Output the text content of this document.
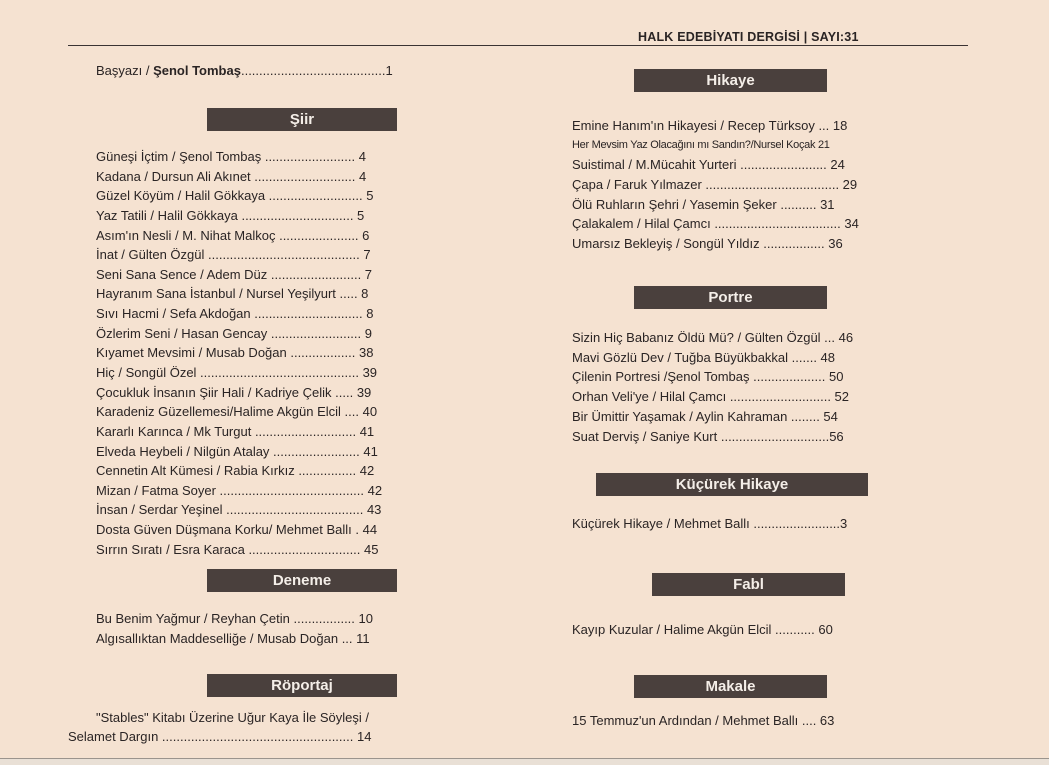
HALK EDEBİYATI DERGİSİ | SAYI:31
Başyazı / Şenol Tombaş........................................1
Şiir
Güneşi İçtim / Şenol Tombaş ......................... 4
Kadana / Dursun Ali Akınet ............................ 4
Güzel Köyüm / Halil Gökkaya .......................... 5
Yaz Tatili / Halil Gökkaya ............................... 5
Asım'ın Nesli / M. Nihat Malkoç ...................... 6
İnat / Gülten Özgül .......................................... 7
Seni Sana Sence / Adem Düz ......................... 7
Hayranım Sana İstanbul / Nursel Yeşilyurt ..... 8
Sıvı Hacmi / Sefa Akdoğan .............................. 8
Özlerim Seni / Hasan Gencay ......................... 9
Kıyamet Mevsimi / Musab Doğan .................. 38
Hiç / Songül Özel ............................................ 39
Çocukluk İnsanın Şiir Hali / Kadriye Çelik ..... 39
Karadeniz Güzellemesi/Halime Akgün Elcil .... 40
Kararlı Karınca / Mk Turgut ............................ 41
Elveda Heybeli / Nilgün Atalay ........................ 41
Cennetin Alt Kümesi / Rabia Kırkız ................ 42
Mizan / Fatma Soyer ........................................ 42
İnsan / Serdar Yeşinel ...................................... 43
Dosta Güven Düşmana Korku/ Mehmet Ballı . 44
Sırrın Sıratı / Esra Karaca ............................... 45
Deneme
Bu Benim Yağmur / Reyhan Çetin ................. 10
Algısallıktan Maddeselliğe / Musab Doğan ... 11
Röportaj
"Stables" Kitabı Üzerine Uğur Kaya İle Söyleşi /
Selamet Dargın ..................................................... 14
Hikaye
Emine Hanım'ın Hikayesi / Recep Türksoy ... 18
Her Mevsim Yaz Olacağını mı Sandın?/Nursel Koçak 21
Suistimal / M.Mücahit Yurteri ........................ 24
Çapa / Faruk Yılmazer ..................................... 29
Ölü Ruhların Şehri / Yasemin Şeker .......... 31
Çalakalem / Hilal Çamcı ................................... 34
Umarsız Bekleyiş / Songül Yıldız ................. 36
Portre
Sizin Hiç Babanız Öldü Mü? / Gülten Özgül ... 46
Mavi Gözlü Dev / Tuğba Büyükbakkal ....... 48
Çilenin Portresi /Şenol Tombaş .................... 50
Orhan Veli'ye / Hilal Çamcı ............................ 52
Bir Ümittir Yaşamak / Aylin Kahraman ........ 54
Suat Derviş / Saniye Kurt ..............................56
Küçürek Hikaye
Küçürek Hikaye / Mehmet Ballı ........................3
Fabl
Kayıp Kuzular / Halime Akgün Elcil ........... 60
Makale
15 Temmuz'un Ardından / Mehmet Ballı .... 63
